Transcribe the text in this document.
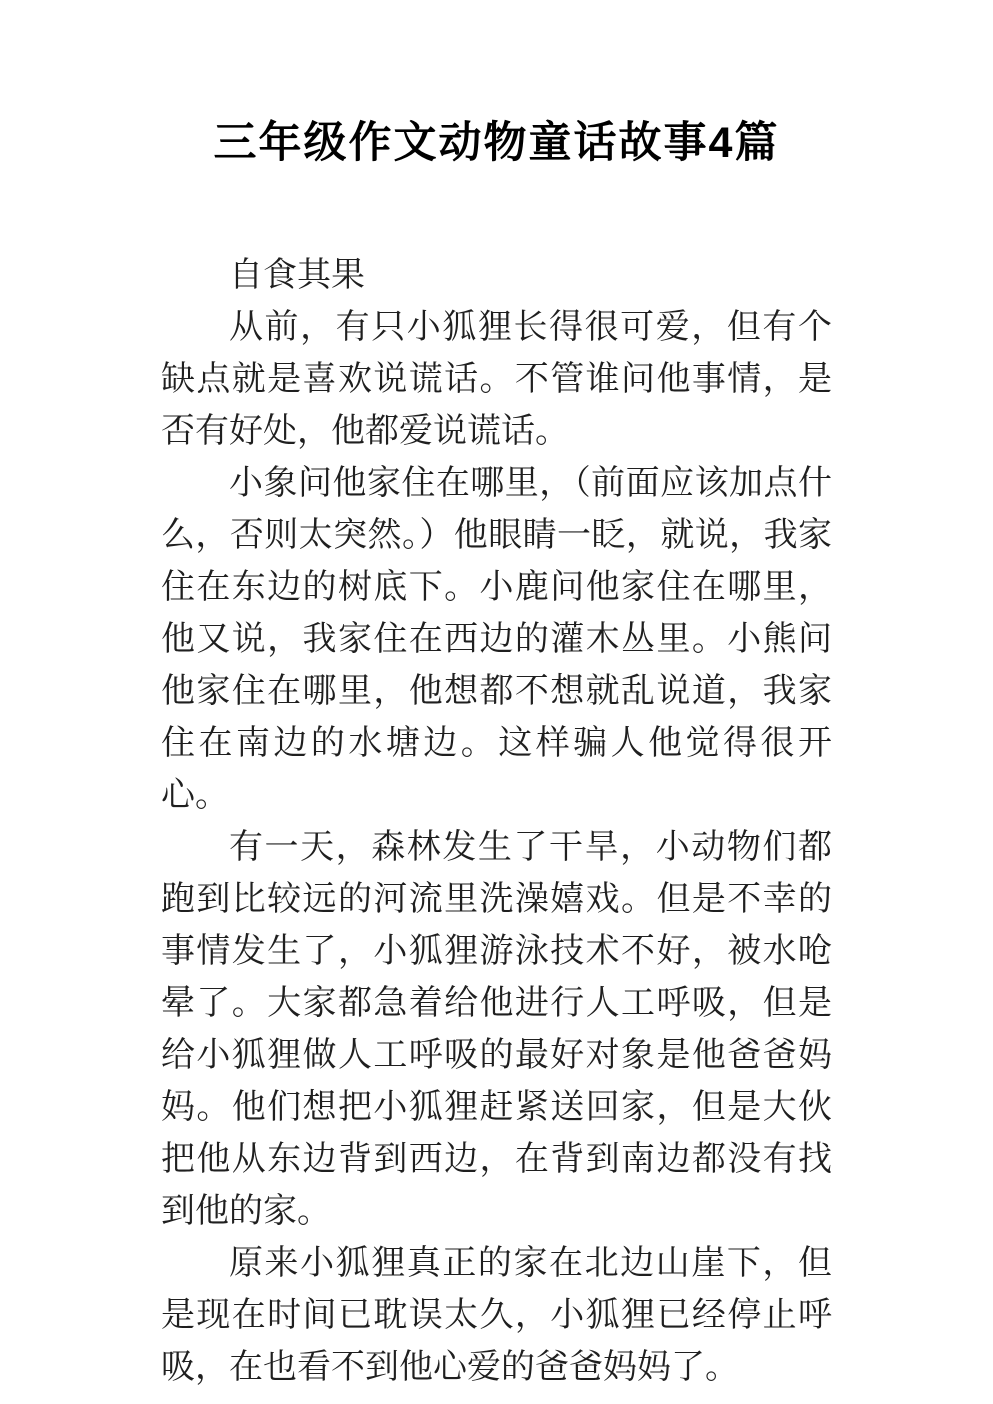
三年级作文动物童话故事4篇

自食其果

从前，有只小狐狸长得很可爱，但有个缺点就是喜欢说谎话。不管谁问他事情，是否有好处，他都爱说谎话。

小象问他家住在哪里，（前面应该加点什么，否则太突然。）他眼睛一眨，就说，我家住在东边的树底下。小鹿问他家住在哪里，他又说，我家住在西边的灌木丛里。小熊问他家住在哪里，他想都不想就乱说道，我家住在南边的水塘边。这样骗人他觉得很开心。

有一天，森林发生了干旱，小动物们都跑到比较远的河流里洗澡嬉戏。但是不幸的事情发生了，小狐狸游泳技术不好，被水呛晕了。大家都急着给他进行人工呼吸，但是给小狐狸做人工呼吸的最好对象是他爸爸妈妈。他们想把小狐狸赶紧送回家，但是大伙把他从东边背到西边，在背到南边都没有找到他的家。

原来小狐狸真正的家在北边山崖下，但是现在时间已耽误太久，小狐狸已经停止呼吸，在也看不到他心爱的爸爸妈妈了。
